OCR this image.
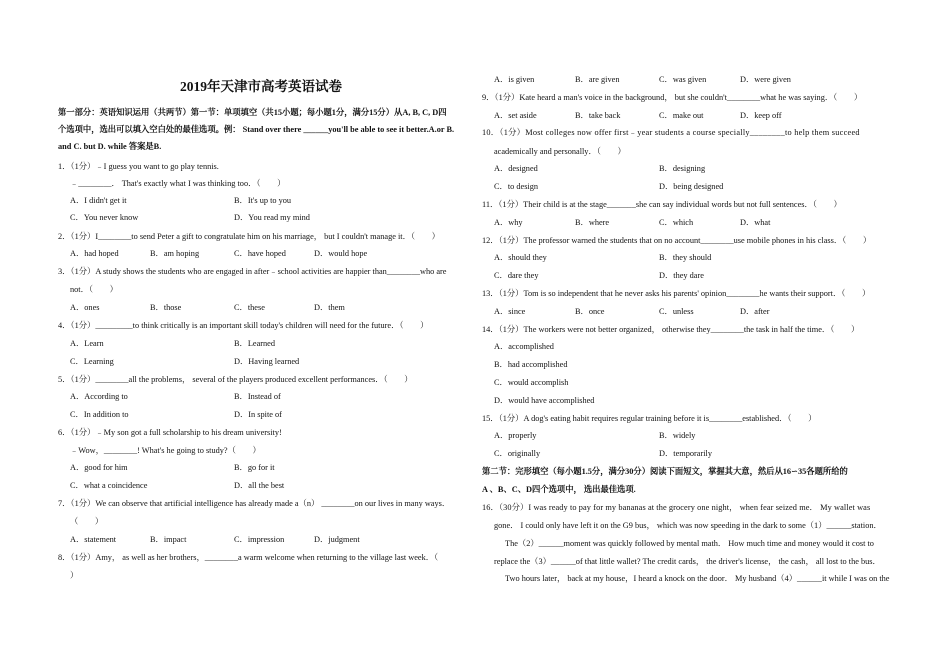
2019年天津市高考英语试卷
第一部分：英语知识运用（共两节）第一节：单项填空（共15小题；每小题1分，满分15分）从A, B, C, D四
个选项中，选出可以填入空白处的最佳选项。例： Stand over there ______you'll be able to see it better.A.or B.
and C. but D. while 答案是B.
1．（1分）﹣I guess you want to go play tennis.
﹣________． That's exactly what I was thinking too．（　　）
A．I didn't get it	B．It's up to you
C．You never know	D．You read my mind
2．（1分）I________to send Peter a gift to congratulate him on his marriage， but I couldn't manage it．（　　）
A．had hoped	B．am hoping	C．have hoped	D．would hope
3．（1分）A study shows the students who are engaged in after﹣school activities are happier than________who are
not．（　　）
A．ones	B．those	C．these	D．them
4．（1分）_________to think critically is an important skill today's children will need for the future．（　　）
A．Learn	B．Learned
C．Learning	D．Having learned
5．（1分）________all the problems， several of the players produced excellent performances．（　　）
A．According to	B．Instead of
C．In addition to	D．In spite of
6．（1分）﹣My son got a full scholarship to his dream university!
﹣Wow，________! What's he going to study?（　　）
A．good for him	B．go for it
C．what a coincidence	D．all the best
7．（1分）We can observe that artificial intelligence has already made a（n） ________on our lives in many ways．
（　　）
A．statement	B．impact	C．impression	D．judgment
8．（1分）Amy， as well as her brothers，________a warm welcome when returning to the village last week．（
）
A．is given	B．are given	C．was given	D．were given
9．（1分）Kate heard a man's voice in the background， but she couldn't________what he was saying．（　　）
A．set aside	B．take back	C．make out	D．keep off
10．（1分）Most colleges now offer first﹣year students a course specially________to help them succeed
academically and personally．（　　）
A．designed	B．designing
C．to design	D．being designed
11．（1分）Their child is at the stage_______she can say individual words but not full sentences．（　　）
A．why	B．where	C．which	D．what
12．（1分）The professor warned the students that on no account________use mobile phones in his class．（　　）
A．should they	B．they should
C．dare they	D．they dare
13．（1分）Tom is so independent that he never asks his parents' opinion________he wants their support．（　　）
A．since	B．once	C．unless	D．after
14．（1分）The workers were not better organized， otherwise they________the task in half the time．（　　）
A．accomplished
B．had accomplished
C．would accomplish
D．would have accomplished
15．（1分）A dog's eating habit requires regular training before it is________established．（　　）
A．properly	B．widely
C．originally	D．temporarily
第二节：完形填空（每小题1.5分，满分30分）阅读下面短文，掌握其大意，然后从16∽35各题所给的
A 、B、C、D四个选项中， 选出最佳选项.
16．（30分）I was ready to pay for my bananas at the grocery one night， when fear seized me． My wallet was
gone． I could only have left it on the G9 bus， which was now speeding in the dark to some（1）______station．
The（2）______moment was quickly followed by mental math． How much time and money would it cost to
replace the（3）______of that little wallet? The credit cards， the driver's license， the cash， all lost to the bus．
Two hours later， back at my house，I heard a knock on the door． My husband（4）______it while I was on the
